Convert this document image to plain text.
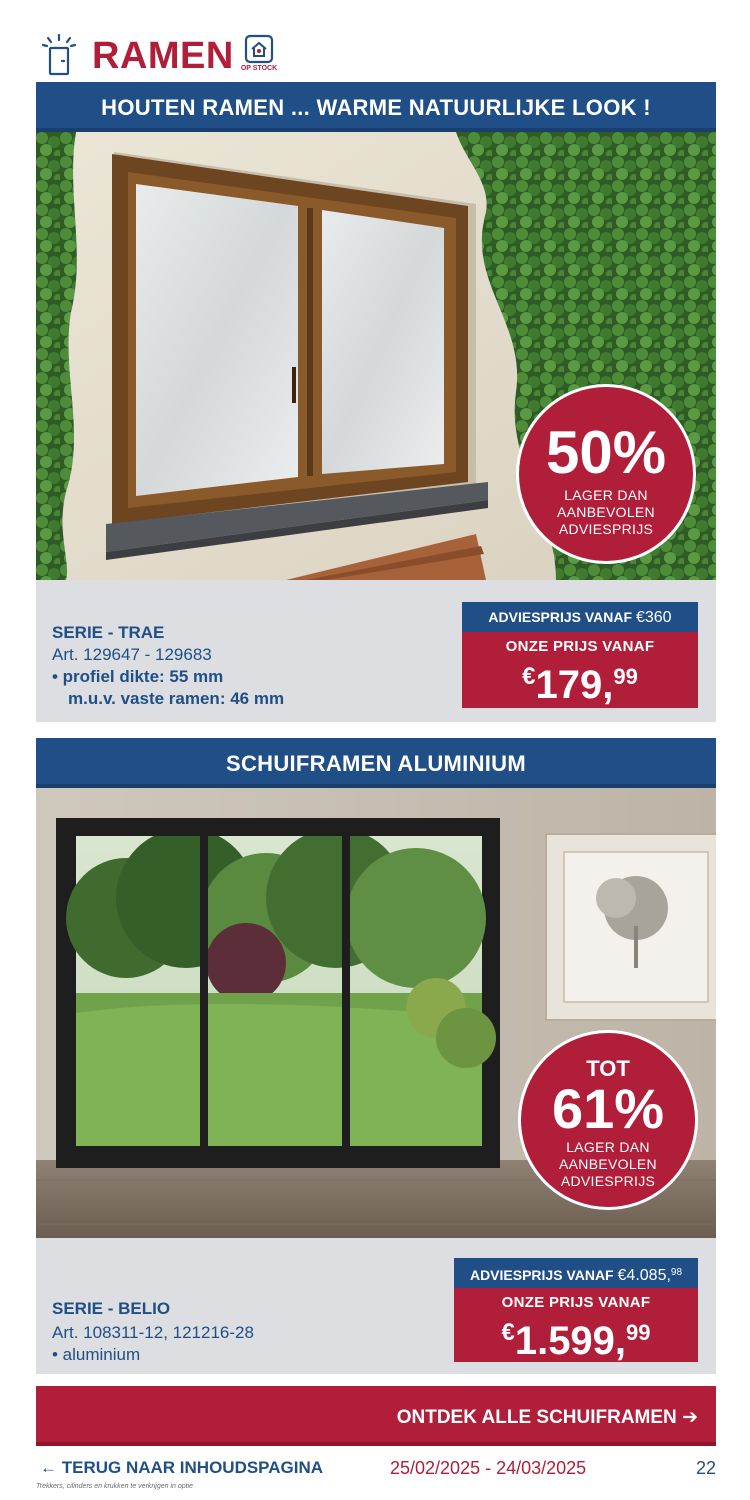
RAMEN	OP STOCK
HOUTEN RAMEN ... WARME NATUURLIJKE LOOK !
50%
LAGER DAN
AANBEVOLEN
ADVIESPRIJS
SERIE - TRAE
Art. 129647 - 129683
• profiel dikte: 55 mm
m.u.v. vaste ramen: 46 mm
ADVIESPRIJS VANAF €360
ONZE PRIJS VANAF
€179,99
SCHUIFRAMEN ALUMINIUM
TOT
61%
LAGER DAN
AANBEVOLEN
ADVIESPRIJS
SERIE - BELIO
Art. 108311-12, 121216-28
• aluminium
ADVIESPRIJS VANAF €4.085,98
ONZE PRIJS VANAF
€1.599,99
ONTDEK ALLE SCHUIFRAMEN ➔
← TERUG NAAR INHOUDSPAGINA	25/02/2025 - 24/03/2025	22
Trekkers, cilinders en krukken te verkrijgen in optie
